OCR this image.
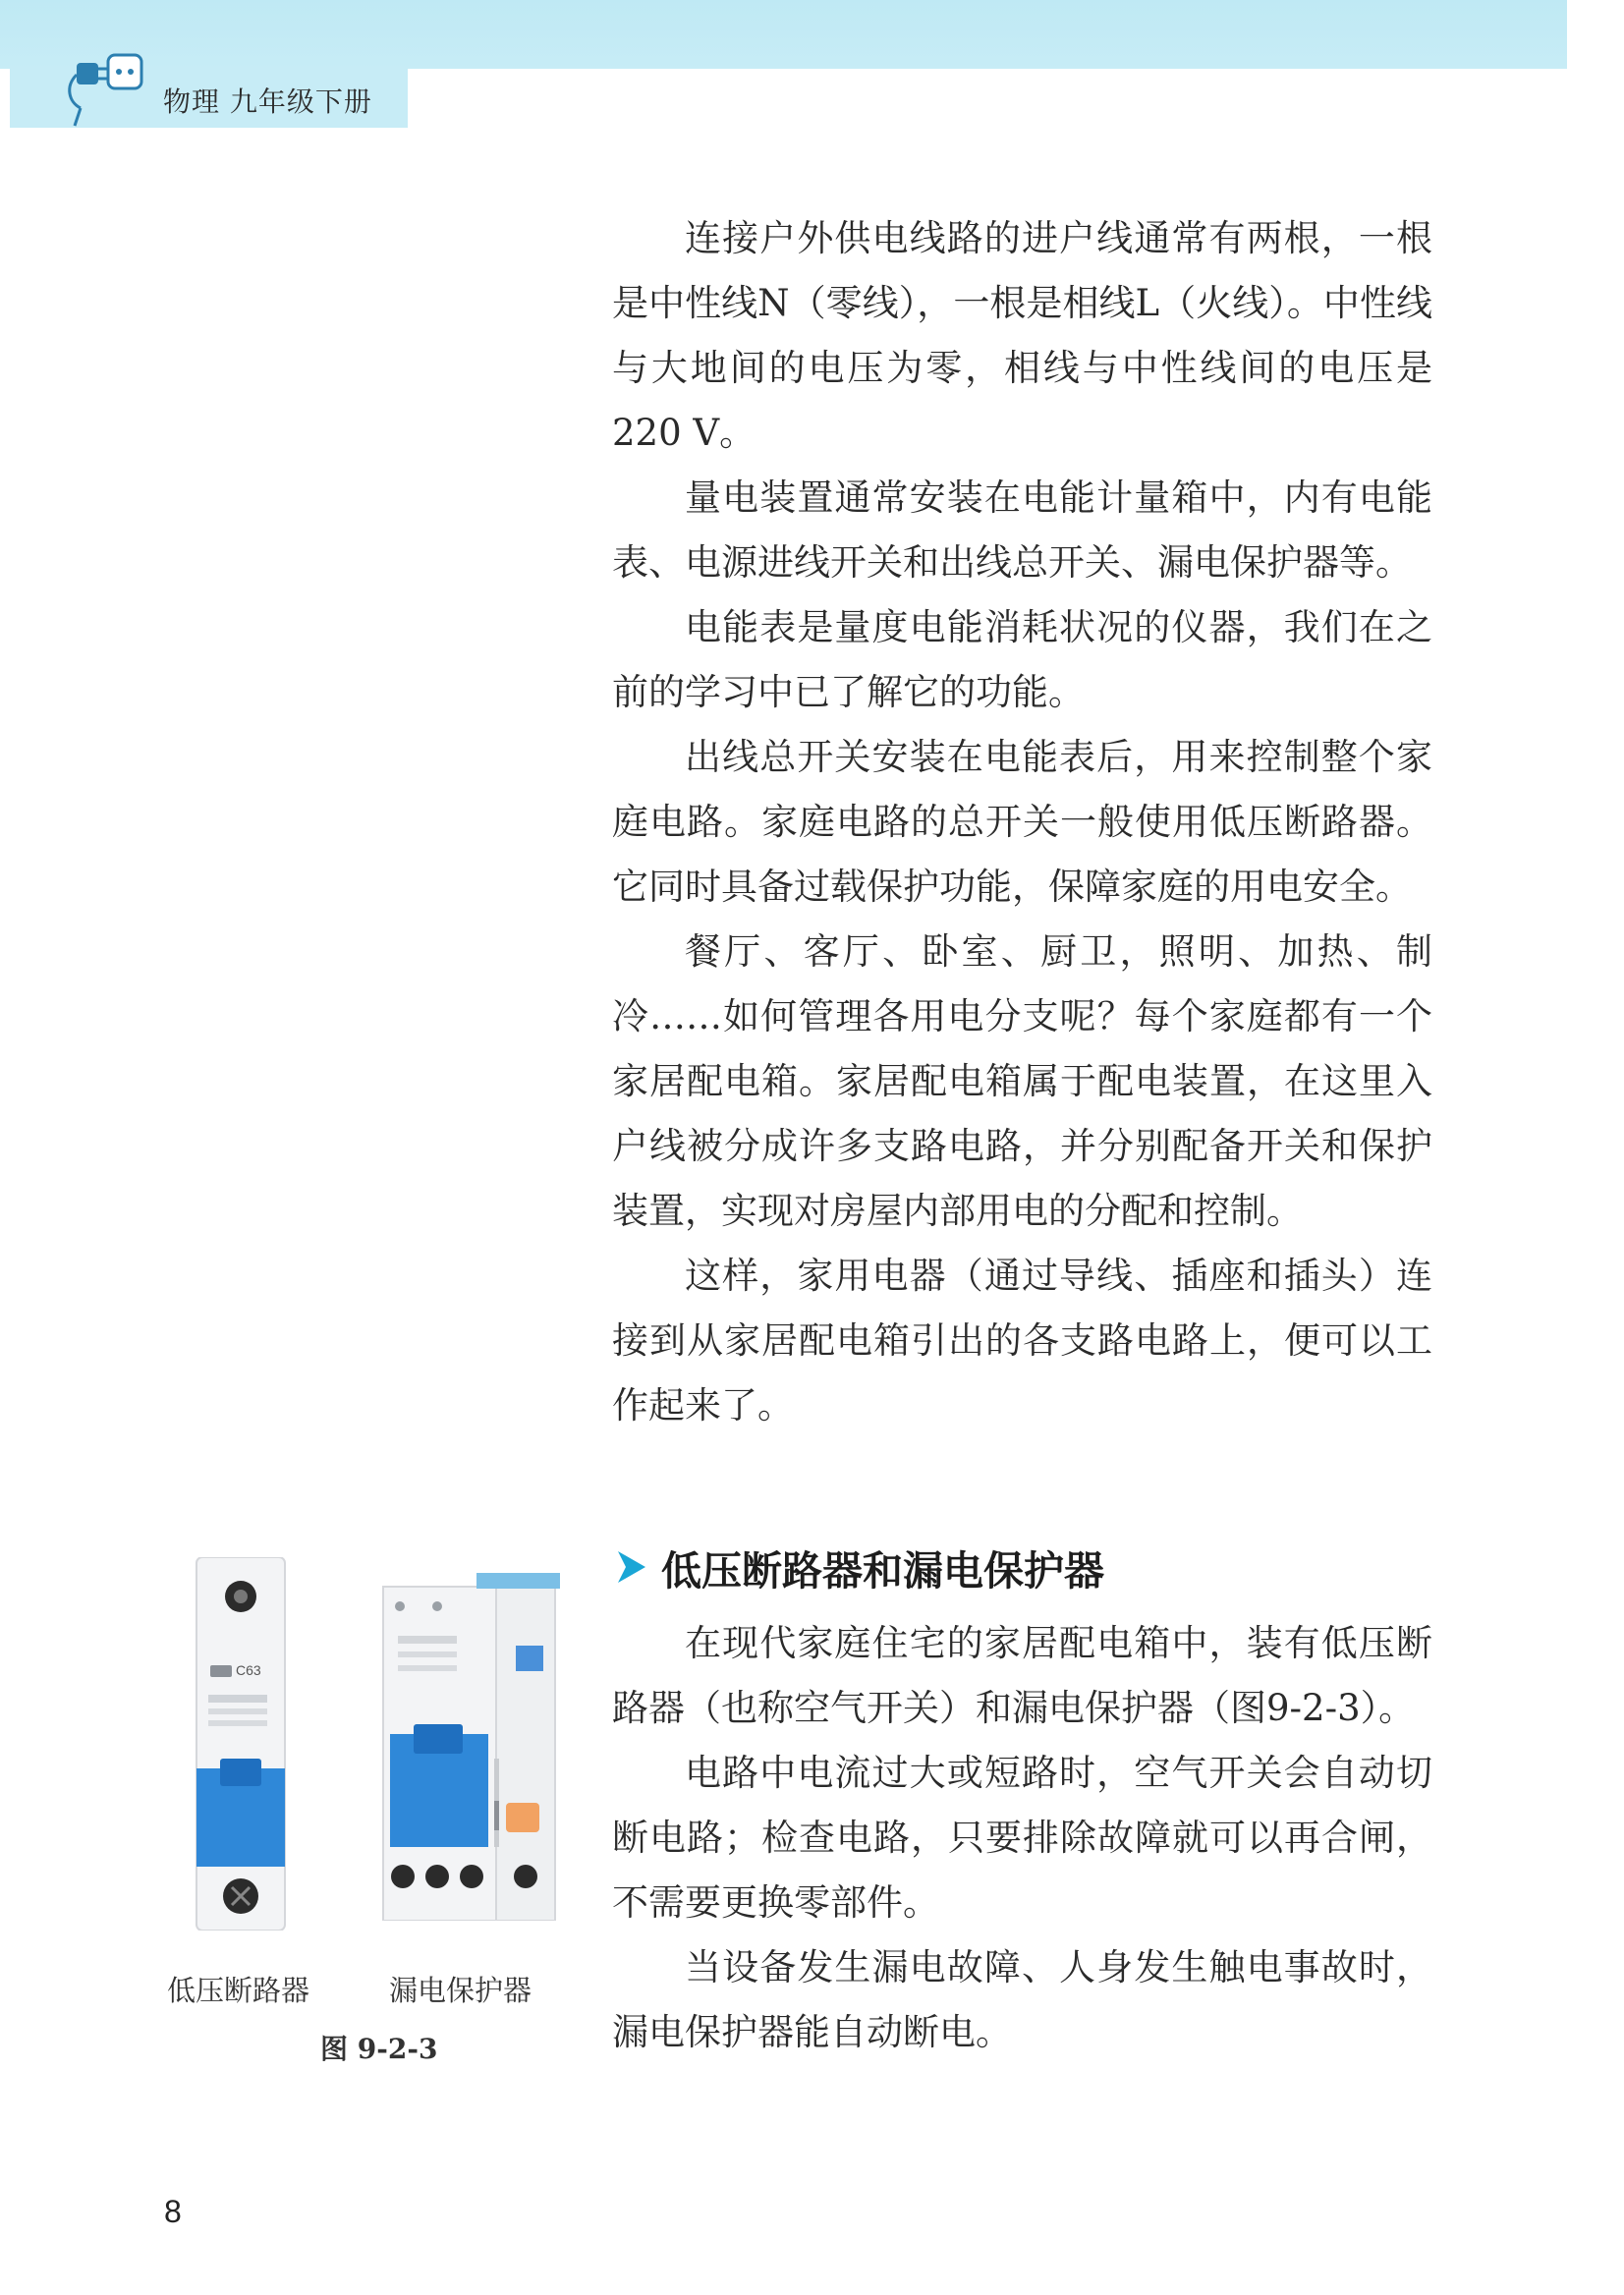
物理 九年级下册

连接户外供电线路的进户线通常有两根，一根是中性线N（零线），一根是相线L（火线）。中性线与大地间的电压为零，相线与中性线间的电压是220 V。

量电装置通常安装在电能计量箱中，内有电能表、电源进线开关和出线总开关、漏电保护器等。

电能表是量度电能消耗状况的仪器，我们在之前的学习中已了解它的功能。

出线总开关安装在电能表后，用来控制整个家庭电路。家庭电路的总开关一般使用低压断路器。它同时具备过载保护功能，保障家庭的用电安全。

餐厅、客厅、卧室、厨卫，照明、加热、制冷……如何管理各用电分支呢？每个家庭都有一个家居配电箱。家居配电箱属于配电装置，在这里入户线被分成许多支路电路，并分别配备开关和保护装置，实现对房屋内部用电的分配和控制。

这样，家用电器（通过导线、插座和插头）连接到从家居配电箱引出的各支路电路上，便可以工作起来了。

低压断路器和漏电保护器

在现代家庭住宅的家居配电箱中，装有低压断路器（也称空气开关）和漏电保护器（图9-2-3）。

电路中电流过大或短路时，空气开关会自动切断电路；检查电路，只要排除故障就可以再合闸，不需要更换零部件。

当设备发生漏电故障、人身发生触电事故时，漏电保护器能自动断电。

C63
低压断路器	漏电保护器
图 9-2-3
8
